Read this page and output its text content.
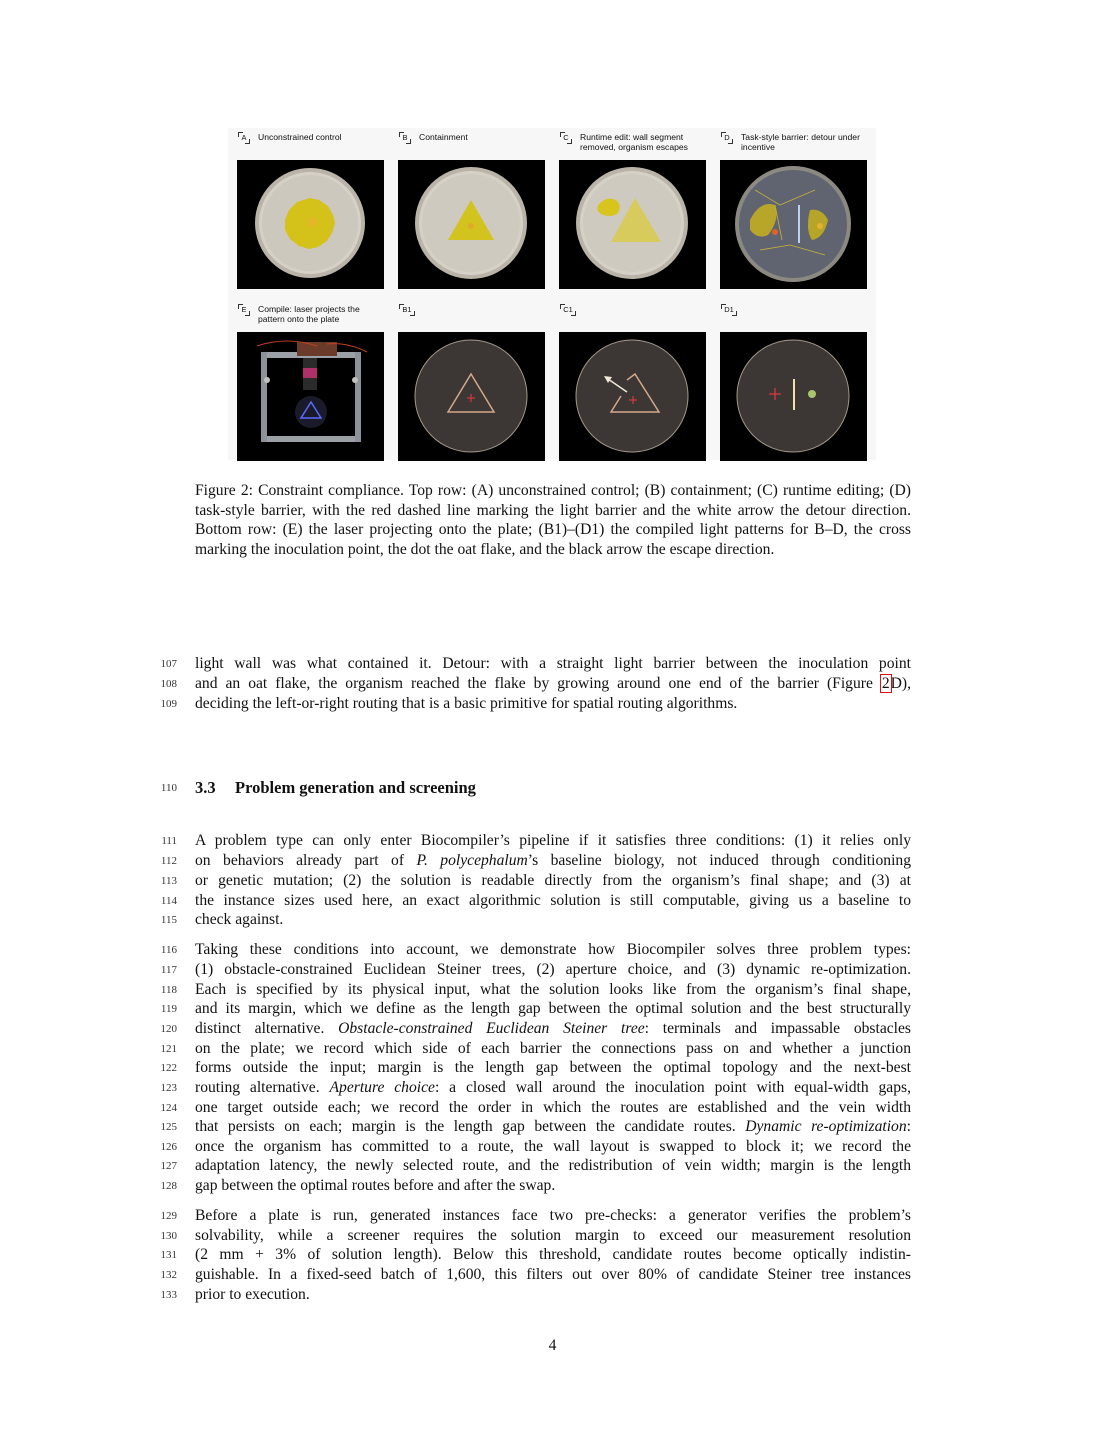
A	Unconstrained control	B	Containment	C	Runtime edit: wall segment removed, organism escapes
D	Task-style barrier: detour under incentive
E	Compile: laser projects the pattern onto the plate
B1	C1	D1
Figure 2: Constraint compliance. Top row: (A) unconstrained control; (B) containment; (C) runtime editing; (D) task-style barrier, with the red dashed line marking the light barrier and the white arrow the detour direction. Bottom row: (E) the laser projecting onto the plate; (B1)–(D1) the compiled light patterns for B–D, the cross marking the inoculation point, the dot the oat flake, and the black arrow the escape direction.
107 light wall was what contained it. Detour: with a straight light barrier between the inoculation point
108 and an oat flake, the organism reached the flake by growing around one end of the barrier (Figure 2D),
109 deciding the left-or-right routing that is a basic primitive for spatial routing algorithms.
110 3.3 Problem generation and screening
111 A problem type can only enter Biocompiler’s pipeline if it satisfies three conditions: (1) it relies only
112 on behaviors already part of P. polycephalum’s baseline biology, not induced through conditioning
113 or genetic mutation; (2) the solution is readable directly from the organism’s final shape; and (3) at
114 the instance sizes used here, an exact algorithmic solution is still computable, giving us a baseline to
115 check against.
116 Taking these conditions into account, we demonstrate how Biocompiler solves three problem types:
117 (1) obstacle-constrained Euclidean Steiner trees, (2) aperture choice, and (3) dynamic re-optimization.
118 Each is specified by its physical input, what the solution looks like from the organism’s final shape,
119 and its margin, which we define as the length gap between the optimal solution and the best structurally
120 distinct alternative. Obstacle-constrained Euclidean Steiner tree: terminals and impassable obstacles
121 on the plate; we record which side of each barrier the connections pass on and whether a junction
122 forms outside the input; margin is the length gap between the optimal topology and the next-best
123 routing alternative. Aperture choice: a closed wall around the inoculation point with equal-width gaps,
124 one target outside each; we record the order in which the routes are established and the vein width
125 that persists on each; margin is the length gap between the candidate routes. Dynamic re-optimization:
126 once the organism has committed to a route, the wall layout is swapped to block it; we record the
127 adaptation latency, the newly selected route, and the redistribution of vein width; margin is the length
128 gap between the optimal routes before and after the swap.
129 Before a plate is run, generated instances face two pre-checks: a generator verifies the problem’s
130 solvability, while a screener requires the solution margin to exceed our measurement resolution
131 (2 mm + 3% of solution length). Below this threshold, candidate routes become optically indistin-
132 guishable. In a fixed-seed batch of 1,600, this filters out over 80% of candidate Steiner tree instances
133 prior to execution.
4
